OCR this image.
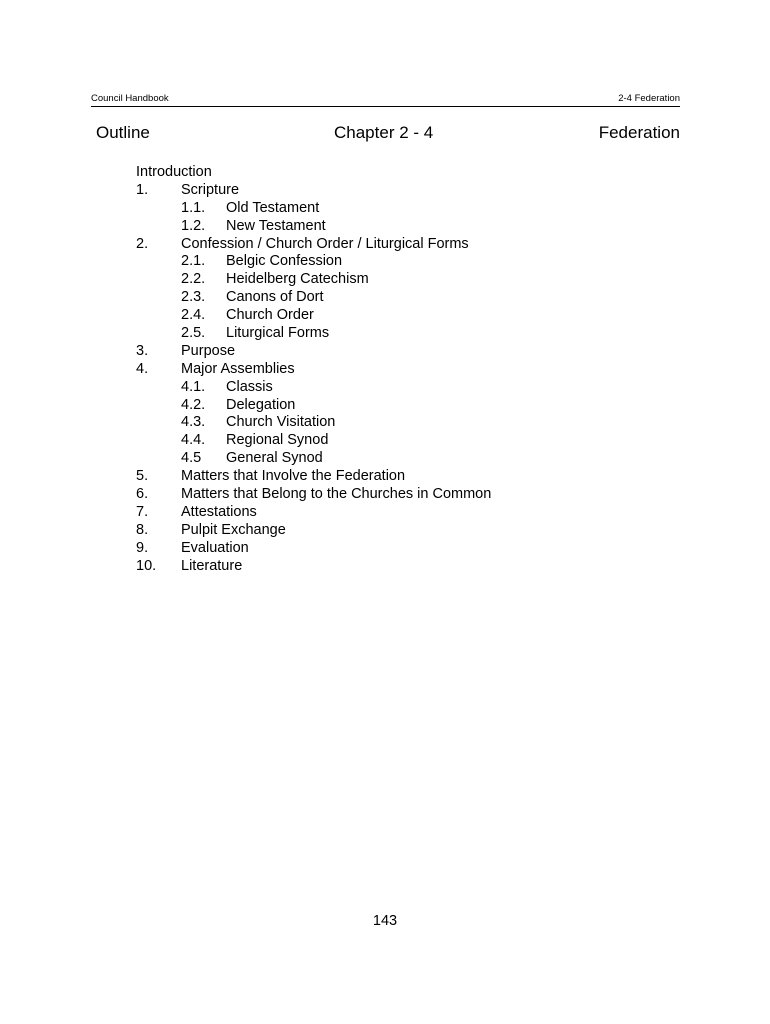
Council Handbook	2-4 Federation
Outline	Chapter 2 - 4	Federation
Introduction
1. Scripture
1.1. Old Testament
1.2. New Testament
2. Confession / Church Order / Liturgical Forms
2.1. Belgic Confession
2.2. Heidelberg Catechism
2.3. Canons of Dort
2.4. Church Order
2.5. Liturgical Forms
3. Purpose
4. Major Assemblies
4.1. Classis
4.2. Delegation
4.3. Church Visitation
4.4. Regional Synod
4.5 General Synod
5. Matters that Involve the Federation
6. Matters that Belong to the Churches in Common
7. Attestations
8. Pulpit Exchange
9. Evaluation
10. Literature
143
